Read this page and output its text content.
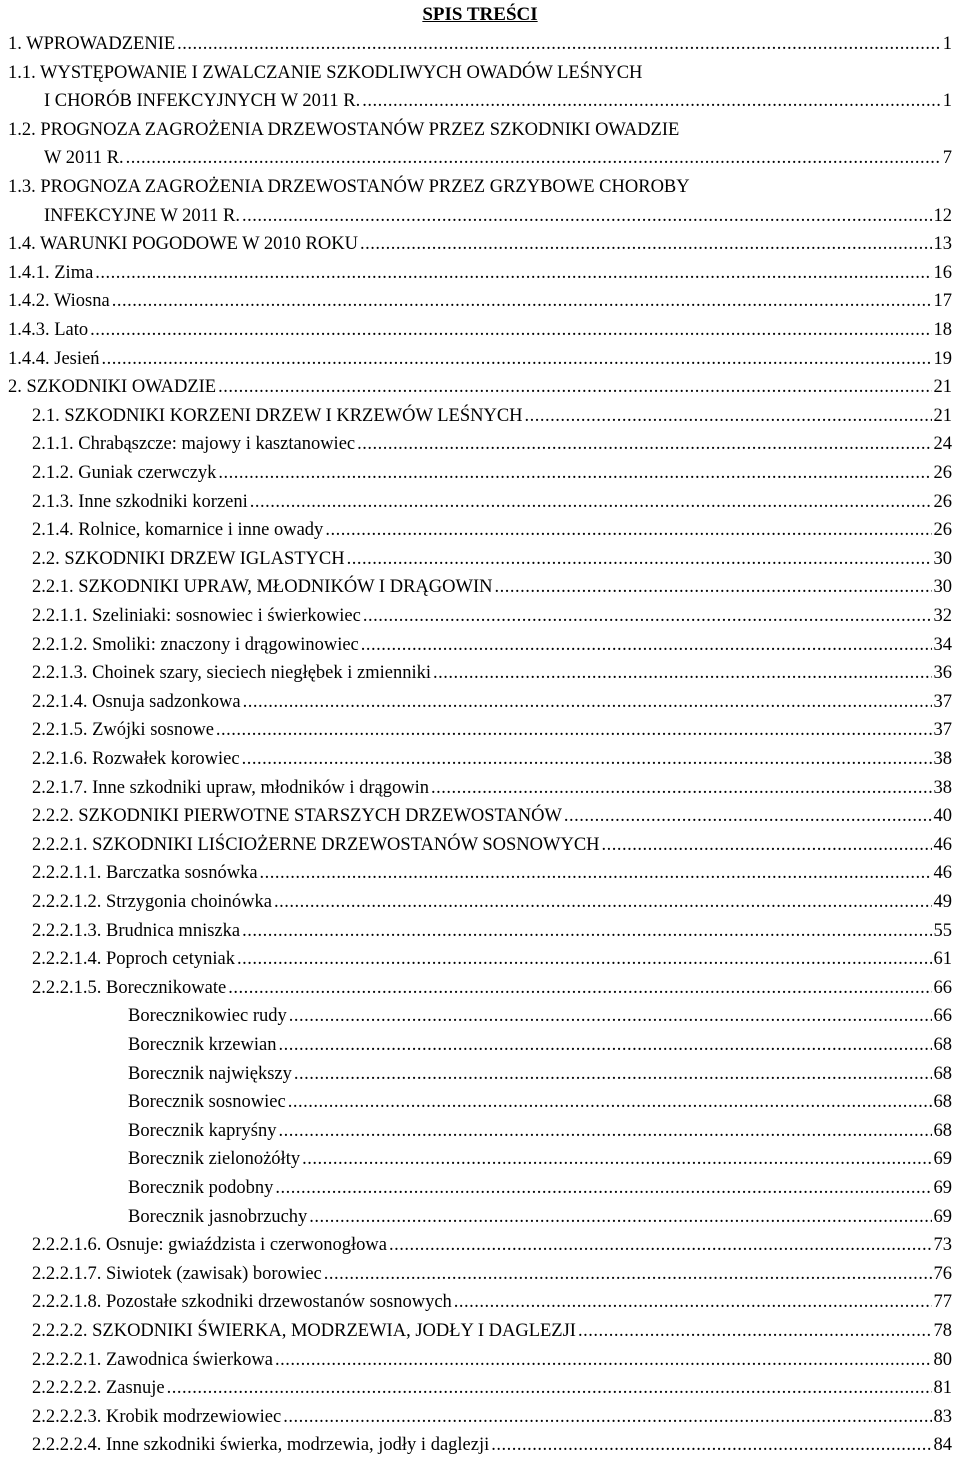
SPIS TREŚCI
1. WPROWADZENIE .....	1
1.1. WYSTĘPOWANIE I ZWALCZANIE SZKODLIWYCH OWADÓW LEŚNYCH
I CHORÓB INFEKCYJNYCH W 2011 R. .....	1
1.2. PROGNOZA ZAGROŻENIA DRZEWOSTANÓW PRZEZ SZKODNIKI OWADZIE
W 2011 R. .....	7
1.3. PROGNOZA ZAGROŻENIA DRZEWOSTANÓW PRZEZ GRZYBOWE CHOROBY
INFEKCYJNE W 2011 R. .....	12
1.4. WARUNKI POGODOWE W 2010 ROKU .....	13
1.4.1. Zima .....	16
1.4.2. Wiosna .....	17
1.4.3. Lato .....	18
1.4.4. Jesień .....	19
2. SZKODNIKI OWADZIE .....	21
2.1. SZKODNIKI KORZENI DRZEW I KRZEWÓW LEŚNYCH .....	21
2.1.1. Chrabąszcze: majowy i kasztanowiec .....	24
2.1.2. Guniak czerwczyk .....	26
2.1.3. Inne szkodniki korzeni .....	26
2.1.4. Rolnice, komarnice i inne owady .....	26
2.2. SZKODNIKI DRZEW IGLASTYCH .....	30
2.2.1. SZKODNIKI UPRAW, MŁODNIKÓW I DRĄGOWIN .....	30
2.2.1.1. Szeliniaki: sosnowiec i świerkowiec .....	32
2.2.1.2. Smoliki: znaczony i drągowinowiec .....	34
2.2.1.3. Choinek szary, sieciech niegłębek i zmienniki .....	36
2.2.1.4. Osnuja sadzonkowa .....	37
2.2.1.5. Zwójki sosnowe .....	37
2.2.1.6. Rozwałek korowiec .....	38
2.2.1.7. Inne szkodniki upraw, młodników i drągowin .....	38
2.2.2. SZKODNIKI PIERWOTNE STARSZYCH DRZEWOSTANÓW .....	40
2.2.2.1. SZKODNIKI LIŚCIOŻERNE DRZEWOSTANÓW SOSNOWYCH .....	46
2.2.2.1.1. Barczatka sosnówka .....	46
2.2.2.1.2. Strzygonia choinówka .....	49
2.2.2.1.3. Brudnica mniszka .....	55
2.2.2.1.4. Poproch cetyniak .....	61
2.2.2.1.5. Borecznikowate .....	66
Borecznikowiec rudy .....	66
Borecznik krzewian .....	68
Borecznik największy .....	68
Borecznik sosnowiec .....	68
Borecznik kapryśny .....	68
Borecznik zielonożółty .....	69
Borecznik podobny .....	69
Borecznik jasnobrzuchy .....	69
2.2.2.1.6. Osnuje: gwiaździsta i czerwonogłowa .....	73
2.2.2.1.7. Siwiotek (zawisak) borowiec .....	76
2.2.2.1.8. Pozostałe szkodniki drzewostanów sosnowych .....	77
2.2.2.2. SZKODNIKI ŚWIERKA, MODRZEWIA, JODŁY I DAGLEZJI .....	78
2.2.2.2.1. Zawodnica świerkowa .....	80
2.2.2.2.2. Zasnuje .....	81
2.2.2.2.3. Krobik modrzewiowiec .....	83
2.2.2.2.4. Inne szkodniki świerka, modrzewia, jodły i daglezji .....	84
